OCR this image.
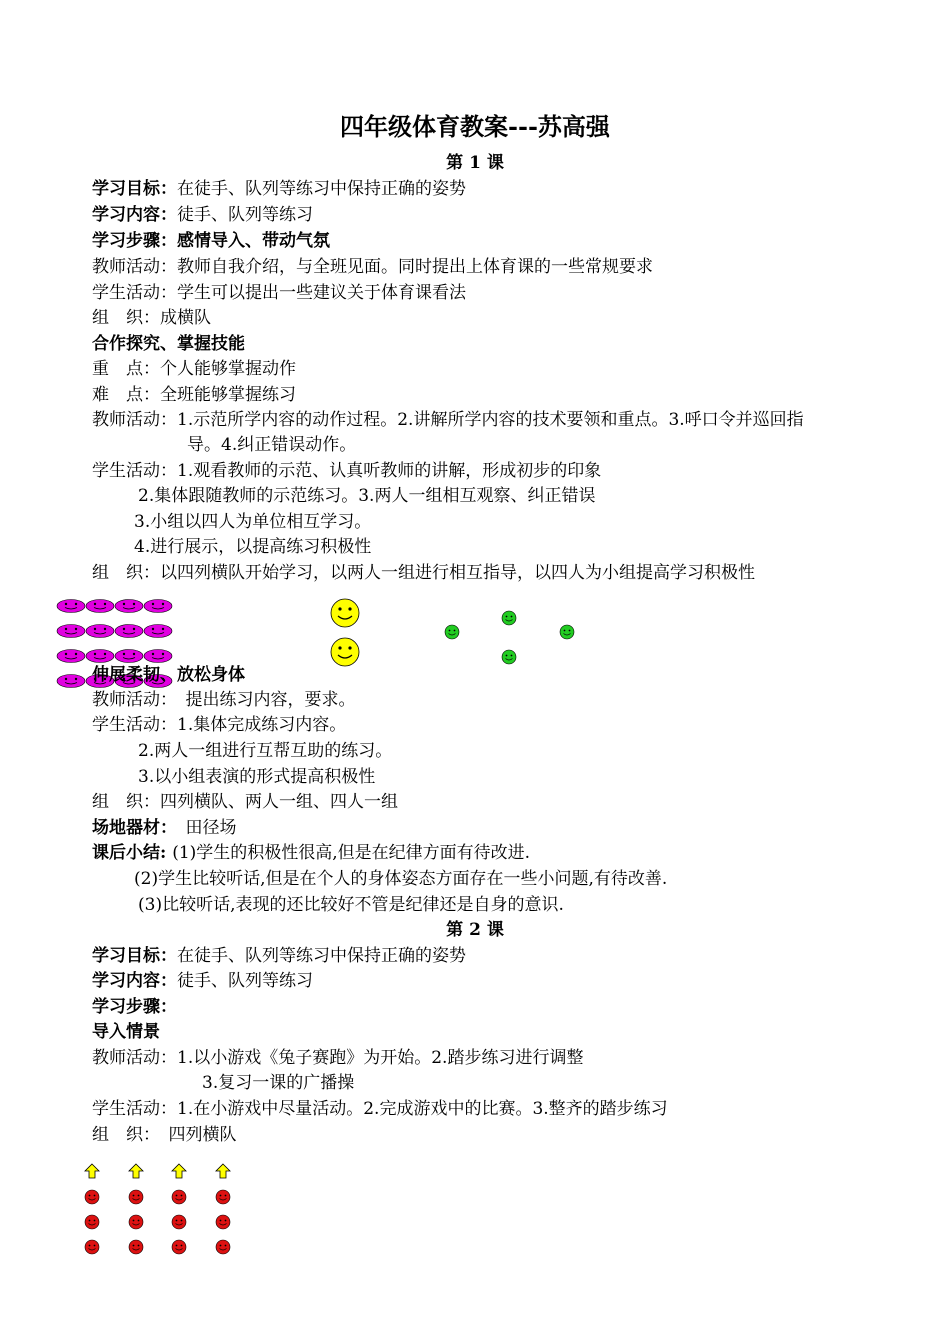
四年级体育教案---苏高强
第 1 课
学习目标：在徒手、队列等练习中保持正确的姿势
学习内容：徒手、队列等练习
学习步骤：感情导入、带动气氛
教师活动：教师自我介绍，与全班见面。同时提出上体育课的一些常规要求
学生活动：学生可以提出一些建议关于体育课看法
组　织：成横队
合作探究、掌握技能
重　点：个人能够掌握动作
难　点：全班能够掌握练习
教师活动：1.示范所学内容的动作过程。2.讲解所学内容的技术要领和重点。3.呼口令并巡回指
导。4.纠正错误动作。
学生活动：1.观看教师的示范、认真听教师的讲解，形成初步的印象
2.集体跟随教师的示范练习。3.两人一组相互观察、纠正错误
3.小组以四人为单位相互学习。
4.进行展示，以提高练习积极性
组　织：以四列横队开始学习，以两人一组进行相互指导，以四人为小组提高学习积极性
伸展柔韧、放松身体
教师活动：　提出练习内容，要求。
学生活动：1.集体完成练习内容。
2.两人一组进行互帮互助的练习。
3.以小组表演的形式提高积极性
组　织：四列横队、两人一组、四人一组
场地器材：　田径场
课后小结: (1)学生的积极性很高,但是在纪律方面有待改进.
(2)学生比较听话,但是在个人的身体姿态方面存在一些小问题,有待改善.
(3)比较听话,表现的还比较好不管是纪律还是自身的意识.
第 2 课
学习目标：在徒手、队列等练习中保持正确的姿势
学习内容：徒手、队列等练习
学习步骤：
导入情景
教师活动：1.以小游戏《兔子赛跑》为开始。2.踏步练习进行调整
3.复习一课的广播操
学生活动：1.在小游戏中尽量活动。2.完成游戏中的比赛。3.整齐的踏步练习
组　织：　四列横队
